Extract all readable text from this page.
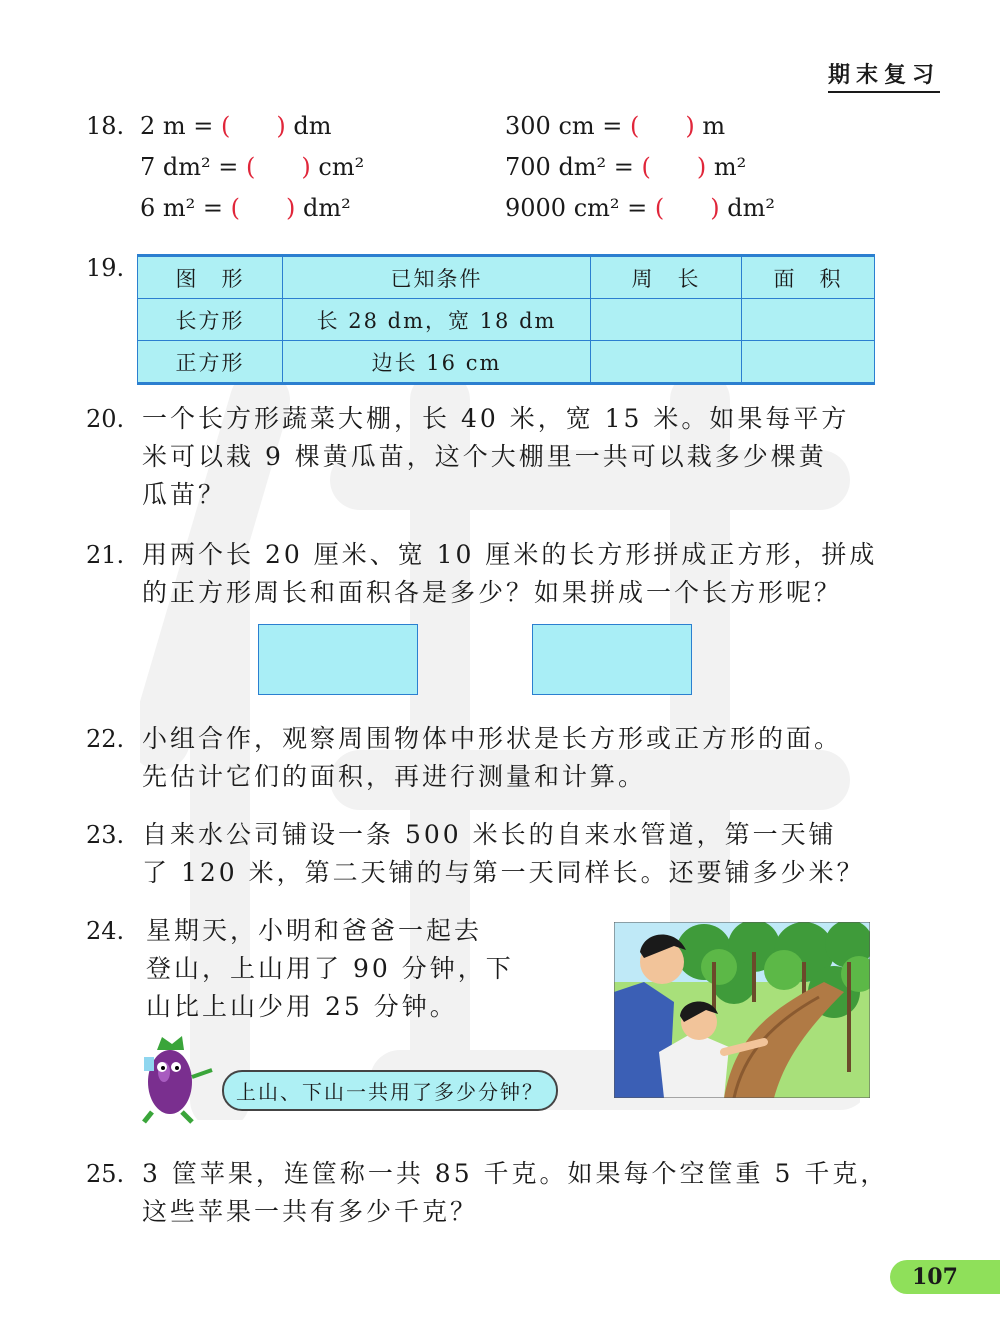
期末复习
18. 2 m = ( ) dm	300 cm = ( ) m
7 dm² = ( ) cm²	700 dm² = ( ) m²
6 m² = ( ) dm²	9000 cm² = ( ) dm²
19. 图　形	已知条件	周　长	面　积
长方形	长 28 dm，宽 18 dm		
正方形	边长 16 cm		
20. 一个长方形蔬菜大棚，长 40 米，宽 15 米。如果每平方
米可以栽 9 棵黄瓜苗，这个大棚里一共可以栽多少棵黄
瓜苗？
21. 用两个长 20 厘米、宽 10 厘米的长方形拼成正方形，拼成
的正方形周长和面积各是多少？如果拼成一个长方形呢？
22. 小组合作，观察周围物体中形状是长方形或正方形的面。
先估计它们的面积，再进行测量和计算。
23. 自来水公司铺设一条 500 米长的自来水管道，第一天铺
了 120 米，第二天铺的与第一天同样长。还要铺多少米？
24. 星期天，小明和爸爸一起去
登山，上山用了 90 分钟，下
山比上山少用 25 分钟。
上山、下山一共用了多少分钟？
25. 3 筐苹果，连筐称一共 85 千克。如果每个空筐重 5 千克，
这些苹果一共有多少千克？
107
